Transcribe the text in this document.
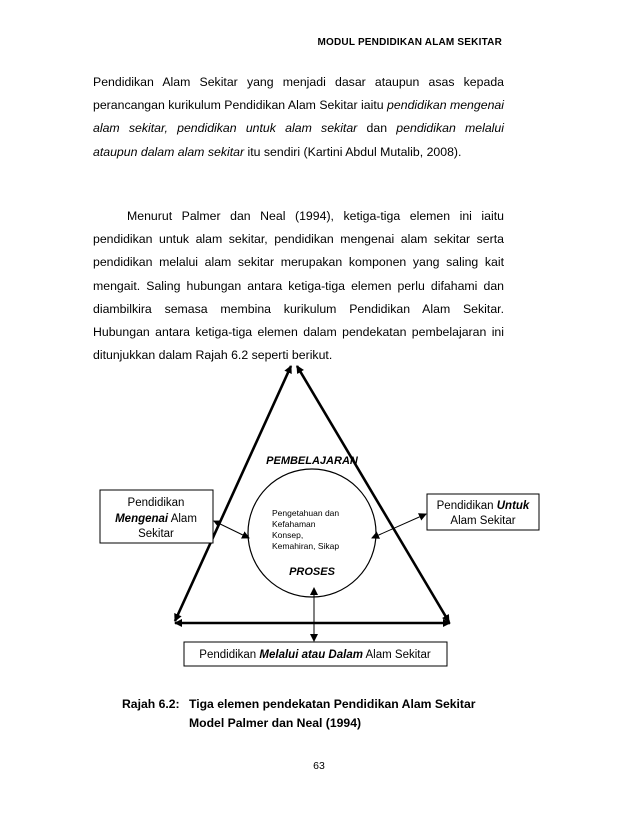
MODUL PENDIDIKAN ALAM SEKITAR
Pendidikan Alam Sekitar yang menjadi dasar ataupun asas kepada perancangan kurikulum Pendidikan Alam Sekitar iaitu pendidikan mengenai alam sekitar, pendidikan untuk alam sekitar dan pendidikan melalui ataupun dalam alam sekitar itu sendiri (Kartini Abdul Mutalib, 2008).
Menurut Palmer dan Neal (1994), ketiga-tiga elemen ini iaitu pendidikan untuk alam sekitar, pendidikan mengenai alam sekitar serta pendidikan melalui alam sekitar merupakan komponen yang saling kait mengait. Saling hubungan antara ketiga-tiga elemen perlu difahami dan diambilkira semasa membina kurikulum Pendidikan Alam Sekitar. Hubungan antara ketiga-tiga elemen dalam pendekatan pembelajaran ini ditunjukkan dalam Rajah 6.2 seperti berikut.
PEMBELAJARAN
Pengetahuan dan
Kefahaman
Konsep,
Kemahiran, Sikap
PROSES
Pendidikan
Mengenai Alam
Sekitar
Pendidikan Untuk
Alam Sekitar
Pendidikan Melalui atau Dalam Alam Sekitar
Rajah 6.2: Tiga elemen pendekatan Pendidikan Alam Sekitar
Model Palmer dan Neal (1994)
63
